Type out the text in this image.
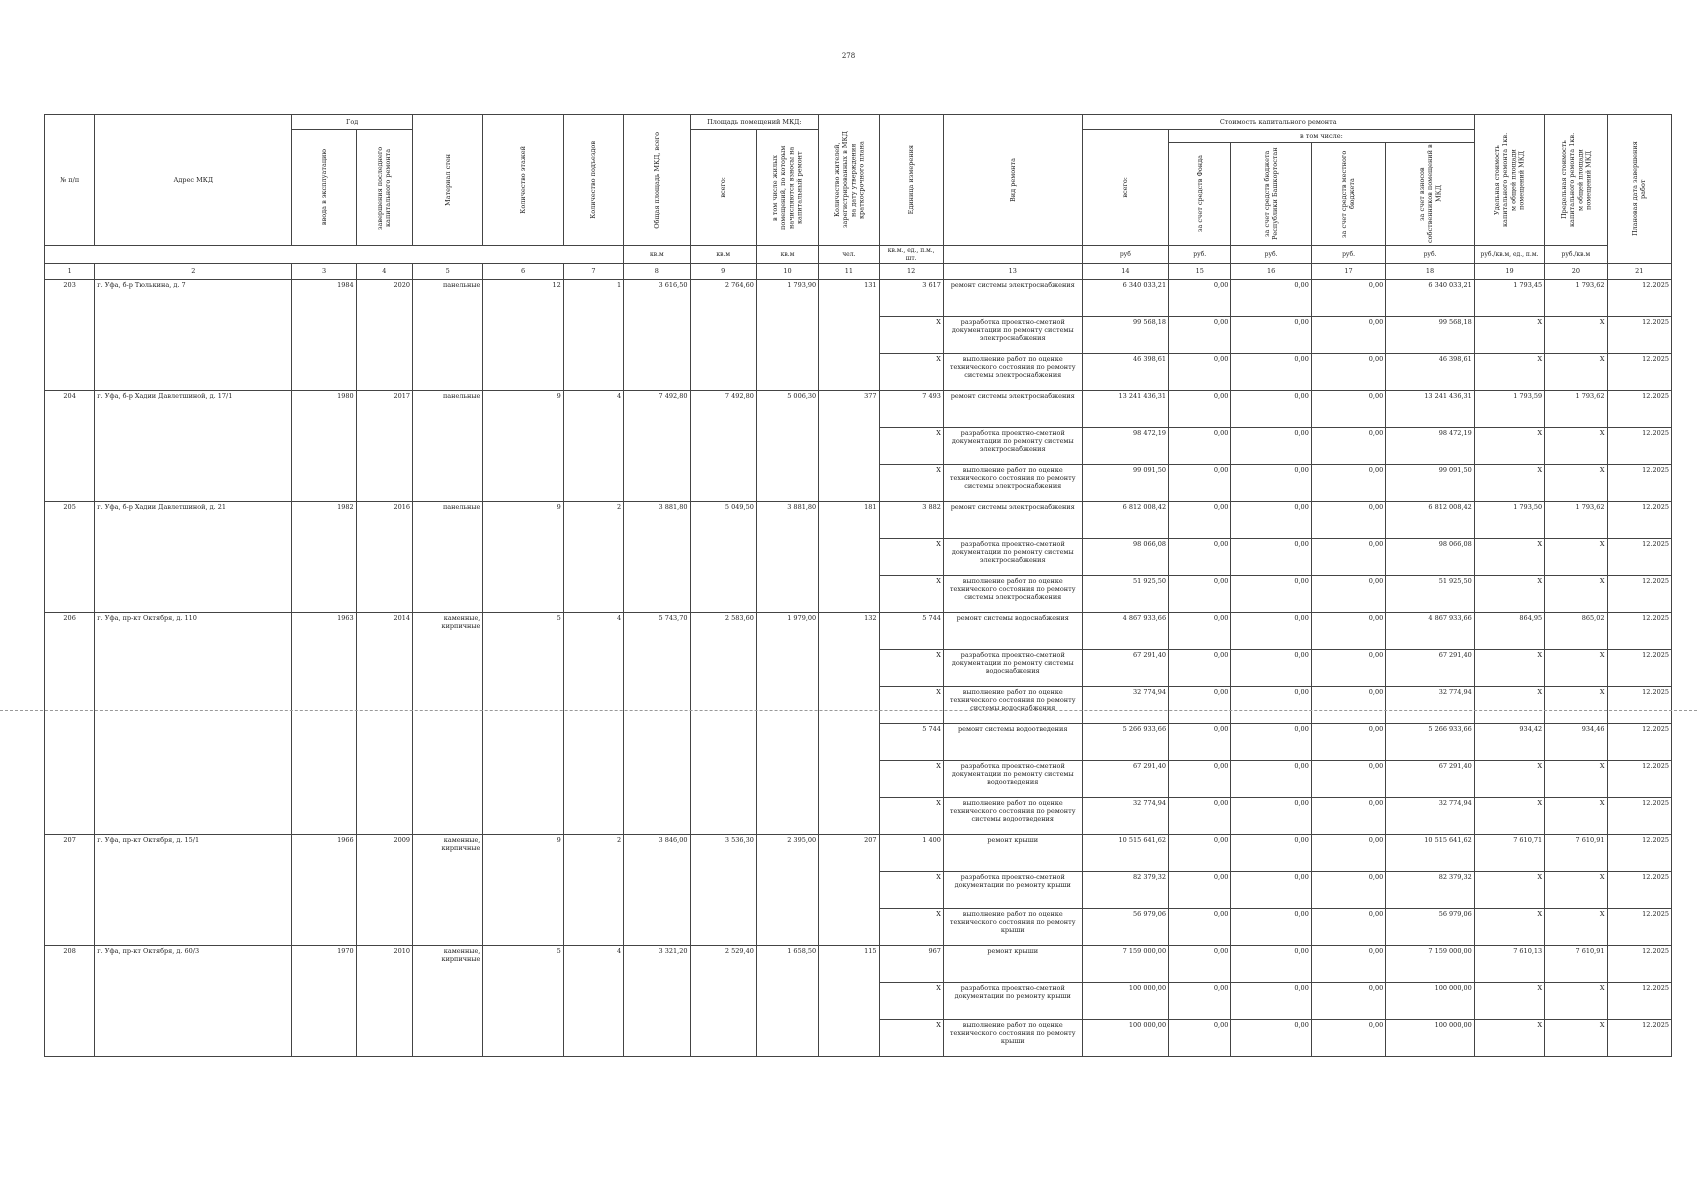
278
№ п/п	Адрес МКД	Год		Материал стен	Количество этажей	Количество подъездов	Общая площадь МКД, всего	Площадь помещений МКД:		Количество жителей, зарегистрированных в МКД на дату утверждения краткосрочного плана	Единица измерения	Вид ремонта	Стоимость капитального ремонта					Удельная стоимость капитального ремонта 1кв. м общей площади помещений МКД	Предельная стоимость капитального ремонта 1кв. м общей площади помещений МКД	Плановая дата завершения работ

		ввода в эксплуатацию	завершения последнего капитального ремонта					всего:	в том числе жилых помещений, по которым начисляются взносы на капитальный ремонт				всего:	в том числе:						

														за счет средств Фонда	за счет средств бюджета Республики Башкортостан	за счет средств местного бюджета	за счет взносов собственников помещений в МКД			

							кв.м	кв.м	кв.м	чел.	кв.м., ед., п.м., шт.		руб	руб.	руб.	руб.	руб.	руб./кв.м, ед., п.м.	руб./кв.м	
1	2	3	4	5	6	7	8	9	10	11	12	13	14	15	16	17	18	19	20	21
203	г. Уфа, б-р Тюлькина, д. 7	1984	2020	панельные	12	1	3 616,50	2 764,60	1 793,90	131	3 617	ремонт системы электроснабжения	6 340 033,21	0,00	0,00	0,00	6 340 033,21	1 793,45	1 793,62	12.2025
											X	разработка проектно-сметной документации по ремонту системы электроснабжения	99 568,18	0,00	0,00	0,00	99 568,18	X	X	12.2025
											X	выполнение работ по оценке технического состояния по ремонту системы электроснабжения	46 398,61	0,00	0,00	0,00	46 398,61	X	X	12.2025
204	г. Уфа, б-р Хадии Давлетшиной, д. 17/1	1980	2017	панельные	9	4	7 492,80	7 492,80	5 006,30	377	7 493	ремонт системы электроснабжения	13 241 436,31	0,00	0,00	0,00	13 241 436,31	1 793,59	1 793,62	12.2025
											X	разработка проектно-сметной документации по ремонту системы электроснабжения	98 472,19	0,00	0,00	0,00	98 472,19	X	X	12.2025
											X	выполнение работ по оценке технического состояния по ремонту системы электроснабжения	99 091,50	0,00	0,00	0,00	99 091,50	X	X	12.2025
205	г. Уфа, б-р Хадии Давлетшиной, д. 21	1982	2016	панельные	9	2	3 881,80	5 049,50	3 881,80	181	3 882	ремонт системы электроснабжения	6 812 008,42	0,00	0,00	0,00	6 812 008,42	1 793,50	1 793,62	12.2025
											X	разработка проектно-сметной документации по ремонту системы электроснабжения	98 066,08	0,00	0,00	0,00	98 066,08	X	X	12.2025
											X	выполнение работ по оценке технического состояния по ремонту системы электроснабжения	51 925,50	0,00	0,00	0,00	51 925,50	X	X	12.2025
206	г. Уфа, пр-кт Октября, д. 110	1963	2014	каменные, кирпичные	5	4	5 743,70	2 583,60	1 979,00	132	5 744	ремонт системы водоснабжения	4 867 933,66	0,00	0,00	0,00	4 867 933,66	864,95	865,02	12.2025
											X	разработка проектно-сметной документации по ремонту системы водоснабжения	67 291,40	0,00	0,00	0,00	67 291,40	X	X	12.2025
											X	выполнение работ по оценке технического состояния по ремонту системы водоснабжения	32 774,94	0,00	0,00	0,00	32 774,94	X	X	12.2025
											5 744	ремонт системы водоотведения	5 266 933,66	0,00	0,00	0,00	5 266 933,66	934,42	934,46	12.2025
											X	разработка проектно-сметной документации по ремонту системы водоотведения	67 291,40	0,00	0,00	0,00	67 291,40	X	X	12.2025
											X	выполнение работ по оценке технического состояния по ремонту системы водоотведения	32 774,94	0,00	0,00	0,00	32 774,94	X	X	12.2025
207	г. Уфа, пр-кт Октября, д. 15/1	1966	2009	каменные, кирпичные	9	2	3 846,00	3 536,30	2 395,00	207	1 400	ремонт крыши	10 515 641,62	0,00	0,00	0,00	10 515 641,62	7 610,71	7 610,91	12.2025
											X	разработка проектно-сметной документации по ремонту крыши	82 379,32	0,00	0,00	0,00	82 379,32	X	X	12.2025
											X	выполнение работ по оценке технического состояния по ремонту крыши	56 979,06	0,00	0,00	0,00	56 979,06	X	X	12.2025
208	г. Уфа, пр-кт Октября, д. 60/3	1970	2010	каменные, кирпичные	5	4	3 321,20	2 529,40	1 658,50	115	967	ремонт крыши	7 159 000,00	0,00	0,00	0,00	7 159 000,00	7 610,13	7 610,91	12.2025
											X	разработка проектно-сметной документации по ремонту крыши	100 000,00	0,00	0,00	0,00	100 000,00	X	X	12.2025
											X	выполнение работ по оценке технического состояния по ремонту крыши	100 000,00	0,00	0,00	0,00	100 000,00	X	X	12.2025
